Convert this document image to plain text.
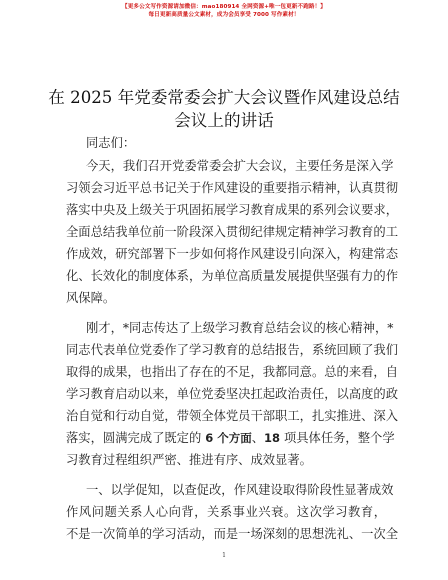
【更多公文写作资源请加微信：mao180914 全网资源+唯一包更新不跑路！】
每日更新高质量公文素材，成为会员享受 7000 写作素材！
在 2025 年党委常委会扩大会议暨作风建设总结
会议上的讲话
同志们：
今天，我们召开党委常委会扩大会议，主要任务是深入学
习领会习近平总书记关于作风建设的重要指示精神，认真贯彻
落实中央及上级关于巩固拓展学习教育成果的系列会议要求，
全面总结我单位前一阶段深入贯彻纪律规定精神学习教育的工
作成效，研究部署下一步如何将作风建设引向深入，构建常态
化、长效化的制度体系，为单位高质量发展提供坚强有力的作
风保障。
刚才，*同志传达了上级学习教育总结会议的核心精神，*
同志代表单位党委作了学习教育的总结报告，系统回顾了我们
取得的成果，也指出了存在的不足，我都同意。总的来看，自
学习教育启动以来，单位党委坚决扛起政治责任，以高度的政
治自觉和行动自觉，带领全体党员干部职工，扎实推进、深入
落实，圆满完成了既定的 6 个方面、18 项具体任务，整个学
习教育过程组织严密、推进有序、成效显著。
一、以学促知，以查促改，作风建设取得阶段性显著成效
作风问题关系人心向背，关系事业兴衰。这次学习教育，
不是一次简单的学习活动，而是一场深刻的思想洗礼、一次全
1
